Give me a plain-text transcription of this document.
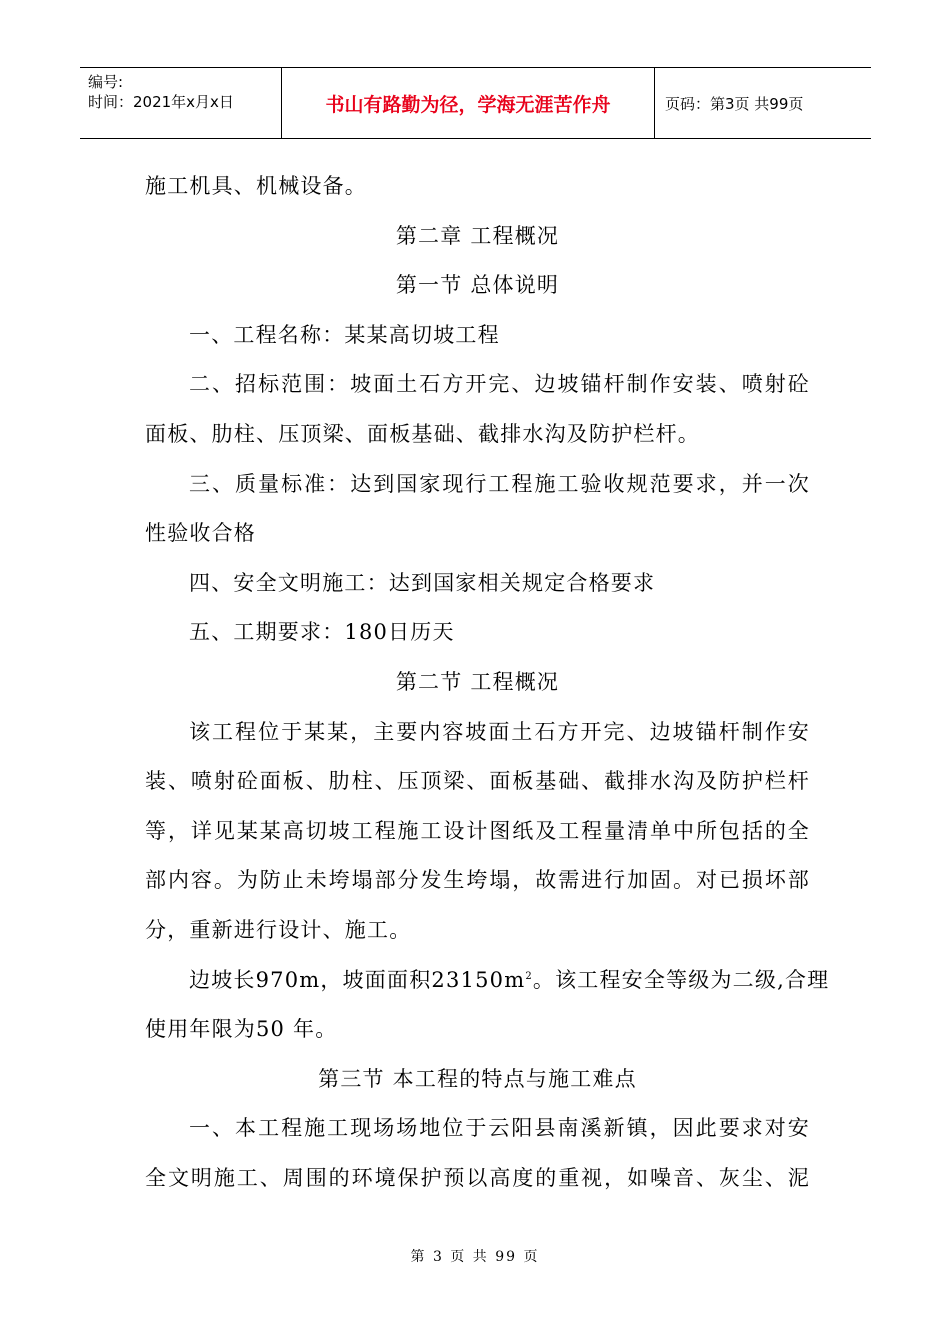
编号:
时间：2021年x月x日	书山有路勤为径，学海无涯苦作舟	页码：第3页 共99页
施工机具、机械设备。
第二章 工程概况
第一节 总体说明
一、工程名称：某某高切坡工程
二、招标范围：坡面土石方开完、边坡锚杆制作安装、喷射砼
面板、肋柱、压顶梁、面板基础、截排水沟及防护栏杆。
三、质量标准：达到国家现行工程施工验收规范要求，并一次
性验收合格
四、安全文明施工：达到国家相关规定合格要求
五、工期要求：180日历天
第二节 工程概况
该工程位于某某，主要内容坡面土石方开完、边坡锚杆制作安
装、喷射砼面板、肋柱、压顶梁、面板基础、截排水沟及防护栏杆
等，详见某某高切坡工程施工设计图纸及工程量清单中所包括的全
部内容。为防止未垮塌部分发生垮塌，故需进行加固。对已损坏部
分，重新进行设计、施工。
边坡长970m，坡面面积$23150m^2$。该工程安全等级为二级,合理
使用年限为50 年。
第三节 本工程的特点与施工难点
一、本工程施工现场场地位于云阳县南溪新镇，因此要求对安
全文明施工、周围的环境保护预以高度的重视，如噪音、灰尘、泥
第 3 页 共 99 页
